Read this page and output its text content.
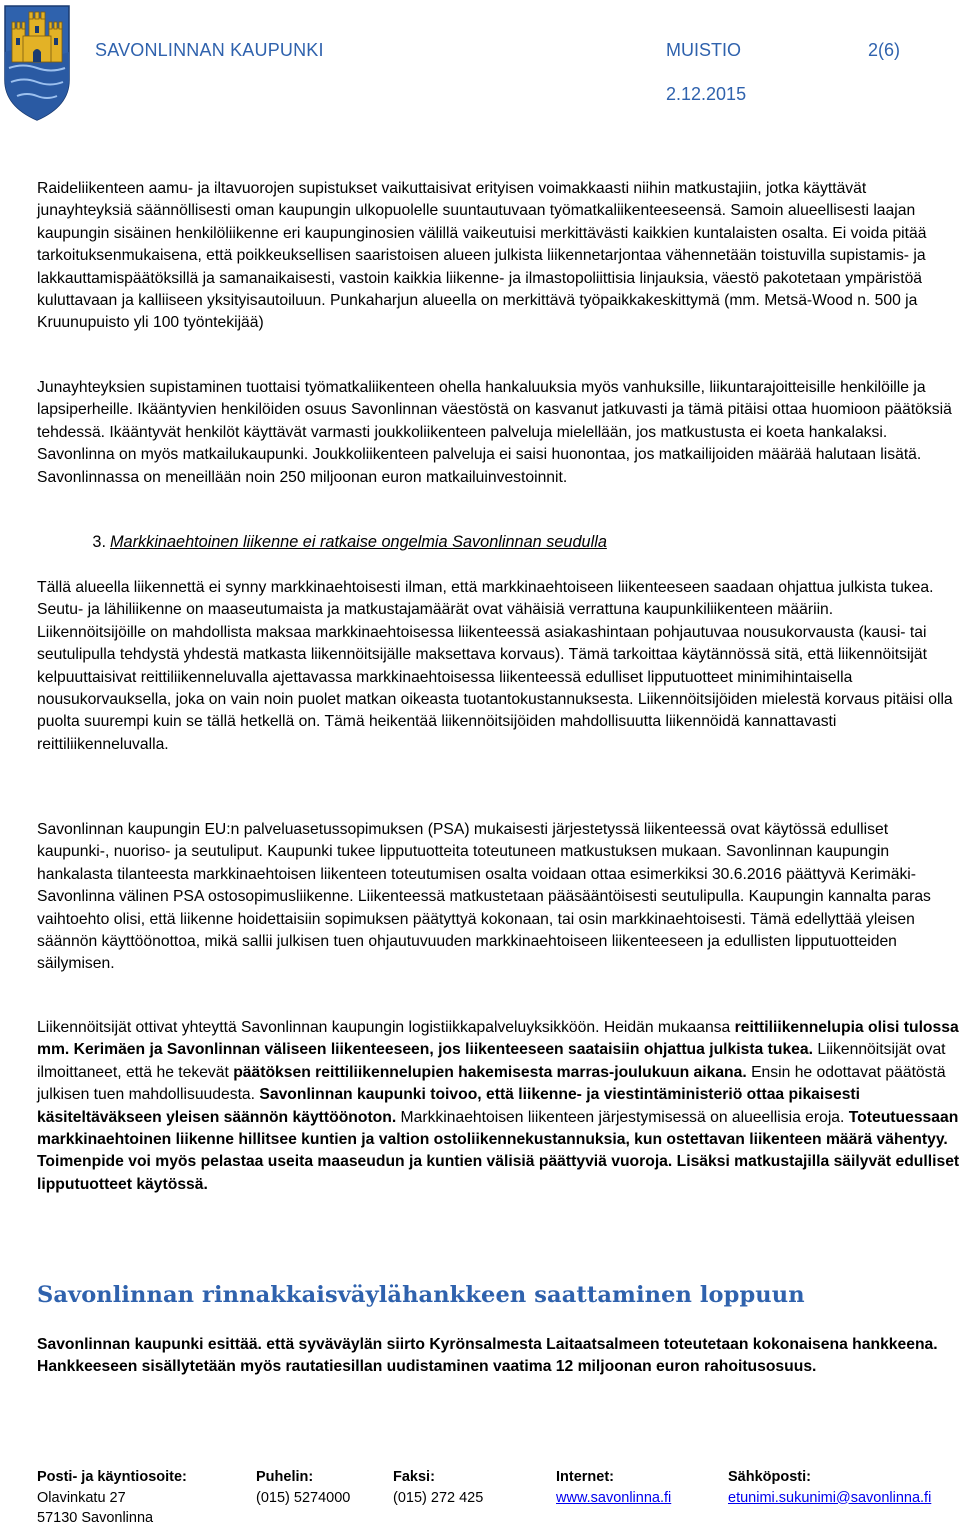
SAVONLINNAN KAUPUNKI	MUISTIO	2(6)
2.12.2015
Raideliikenteen aamu- ja iltavuorojen supistukset vaikuttaisivat erityisen voimakkaasti niihin matkustajiin, jotka käyttävät junayhteyksiä säännöllisesti oman kaupungin ulkopuolelle suuntautuvaan työmatkaliikenteeseensä. Samoin alueellisesti laajan kaupungin sisäinen henkilöliikenne eri kaupunginosien välillä vaikeutuisi merkittävästi kaikkien kuntalaisten osalta. Ei voida pitää tarkoituksenmukaisena, että poikkeuksellisen saaristoisen alueen julkista liikennetarjontaa vähennetään toistuvilla supistamis- ja lakkauttamispäätöksillä ja samanaikaisesti, vastoin kaikkia liikenne- ja ilmastopoliittisia linjauksia, väestö pakotetaan ympäristöä kuluttavaan ja kalliiseen yksityisautoiluun. Punkaharjun alueella on merkittävä työpaikkakeskittymä (mm. Metsä-Wood n. 500 ja Kruunupuisto yli 100 työntekijää)
Junayhteyksien supistaminen tuottaisi työmatkaliikenteen ohella hankaluuksia myös vanhuksille, liikuntarajoitteisille henkilöille ja lapsiperheille. Ikääntyvien henkilöiden osuus Savonlinnan väestöstä on kasvanut jatkuvasti ja tämä pitäisi ottaa huomioon päätöksiä tehdessä. Ikääntyvät henkilöt käyttävät varmasti joukkoliikenteen palveluja mielellään, jos matkustusta ei koeta hankalaksi. Savonlinna on myös matkailukaupunki. Joukkoliikenteen palveluja ei saisi huonontaa, jos matkailijoiden määrää halutaan lisätä. Savonlinnassa on meneillään noin 250 miljoonan euron matkailuinvestoinnit.
3. Markkinaehtoinen liikenne ei ratkaise ongelmia Savonlinnan seudulla
Tällä alueella liikennettä ei synny markkinaehtoisesti ilman, että markkinaehtoiseen liikenteeseen saadaan ohjattua julkista tukea. Seutu- ja lähiliikenne on maaseutumaista ja matkustajamäärät ovat vähäisiä verrattuna kaupunkiliikenteen määriin.
Liikennöitsijöille on mahdollista maksaa markkinaehtoisessa liikenteessä asiakashintaan pohjautuvaa nousukorvausta (kausi- tai seutulipulla tehdystä yhdestä matkasta liikennöitsijälle maksettava korvaus). Tämä tarkoittaa käytännössä sitä, että liikennöitsijät kelpuuttaisivat reittiliikenneluvalla ajettavassa markkinaehtoisessa liikenteessä edulliset lipputuotteet minimihintaisella nousukorvauksella, joka on vain noin puolet matkan oikeasta tuotantokustannuksesta. Liikennöitsijöiden mielestä korvaus pitäisi olla puolta suurempi kuin se tällä hetkellä on. Tämä heikentää liikennöitsijöiden mahdollisuutta liikennöidä kannattavasti reittiliikenneluvalla.
Savonlinnan kaupungin EU:n palveluasetussopimuksen (PSA) mukaisesti järjestetyssä liikenteessä ovat käytössä edulliset kaupunki-, nuoriso- ja seutuliput. Kaupunki tukee lipputuotteita toteutuneen matkustuksen mukaan. Savonlinnan kaupungin hankalasta tilanteesta markkinaehtoisen liikenteen toteutumisen osalta voidaan ottaa esimerkiksi 30.6.2016 päättyvä Kerimäki-Savonlinna välinen PSA ostosopimusliikenne. Liikenteessä matkustetaan pääsääntöisesti seutulipulla. Kaupungin kannalta paras vaihtoehto olisi, että liikenne hoidettaisiin sopimuksen päätyttyä kokonaan, tai osin markkinaehtoisesti. Tämä edellyttää yleisen säännön käyttöönottoa, mikä sallii julkisen tuen ohjautuvuuden markkinaehtoiseen liikenteeseen ja edullisten lipputuotteiden säilymisen.
Liikennöitsijät ottivat yhteyttä Savonlinnan kaupungin logistiikkapalveluyksikköön. Heidän mukaansa reittiliikennelupia olisi tulossa mm. Kerimäen ja Savonlinnan väliseen liikenteeseen, jos liikenteeseen saataisiin ohjattua julkista tukea. Liikennöitsijät ovat ilmoittaneet, että he tekevät päätöksen reittiliikennelupien hakemisesta marras-joulukuun aikana. Ensin he odottavat päätöstä julkisen tuen mahdollisuudesta. Savonlinnan kaupunki toivoo, että liikenne- ja viestintäministeriö ottaa pikaisesti käsiteltäväkseen yleisen säännön käyttöönoton. Markkinaehtoisen liikenteen järjestymisessä on alueellisia eroja. Toteutuessaan markkinaehtoinen liikenne hillitsee kuntien ja valtion ostoliikennekustannuksia, kun ostettavan liikenteen määrä vähentyy. Toimenpide voi myös pelastaa useita maaseudun ja kuntien välisiä päättyviä vuoroja. Lisäksi matkustajilla säilyvät edulliset lipputuotteet käytössä.
Savonlinnan rinnakkaisväylähankkeen saattaminen loppuun
Savonlinnan kaupunki esittää. että syväväylän siirto Kyrönsalmesta Laitaatsalmeen toteutetaan kokonaisena hankkeena. Hankkeeseen sisällytetään myös rautatiesillan uudistaminen vaatima 12 miljoonan euron rahoitusosuus.
Posti- ja käyntiosoite:
Olavinkatu 27
57130 Savonlinna
Puhelin:
(015) 5274000
Faksi:
(015) 272 425
Internet:
www.savonlinna.fi
Sähköposti:
etunimi.sukunimi@savonlinna.fi
